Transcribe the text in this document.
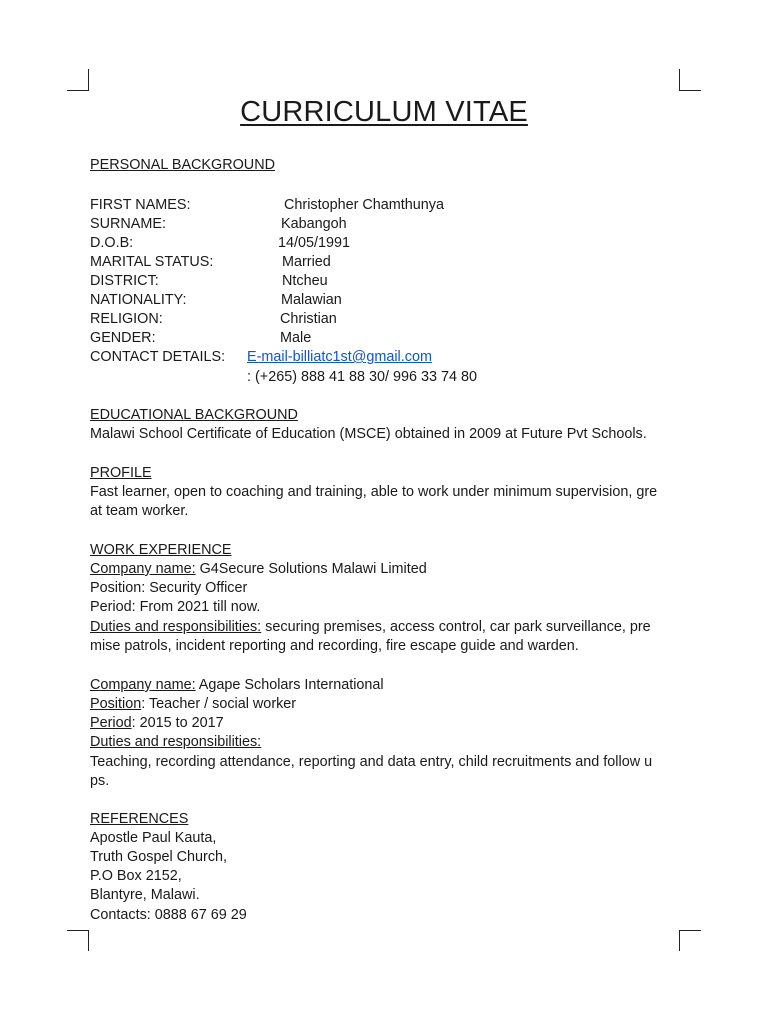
CURRICULUM VITAE
PERSONAL BACKGROUND
FIRST NAMES:	Christopher Chamthunya
SURNAME:	Kabangoh
D.O.B:	14/05/1991
MARITAL STATUS:	Married
DISTRICT:	Ntcheu
NATIONALITY:	Malawian
RELIGION:	Christian
GENDER:	Male
CONTACT DETAILS: E-mail-billiatc1st@gmail.com
: (+265) 888 41 88 30/ 996 33 74 80
EDUCATIONAL BACKGROUND
Malawi School Certificate of Education (MSCE) obtained in 2009 at Future Pvt Schools.
PROFILE
Fast learner, open to coaching and training, able to work under minimum supervision, gre
at team worker.
WORK EXPERIENCE
Company name: G4Secure Solutions Malawi Limited
Position: Security Officer
Period: From 2021 till now.
Duties and responsibilities: securing premises, access control, car park surveillance, pre
mise patrols, incident reporting and recording, fire escape guide and warden.
Company name: Agape Scholars International
Position: Teacher / social worker
Period: 2015 to 2017
Duties and responsibilities:
Teaching, recording attendance, reporting and data entry, child recruitments and follow u
ps.
REFERENCES
Apostle Paul Kauta,
Truth Gospel Church,
P.O Box 2152,
Blantyre, Malawi.
Contacts: 0888 67 69 29
